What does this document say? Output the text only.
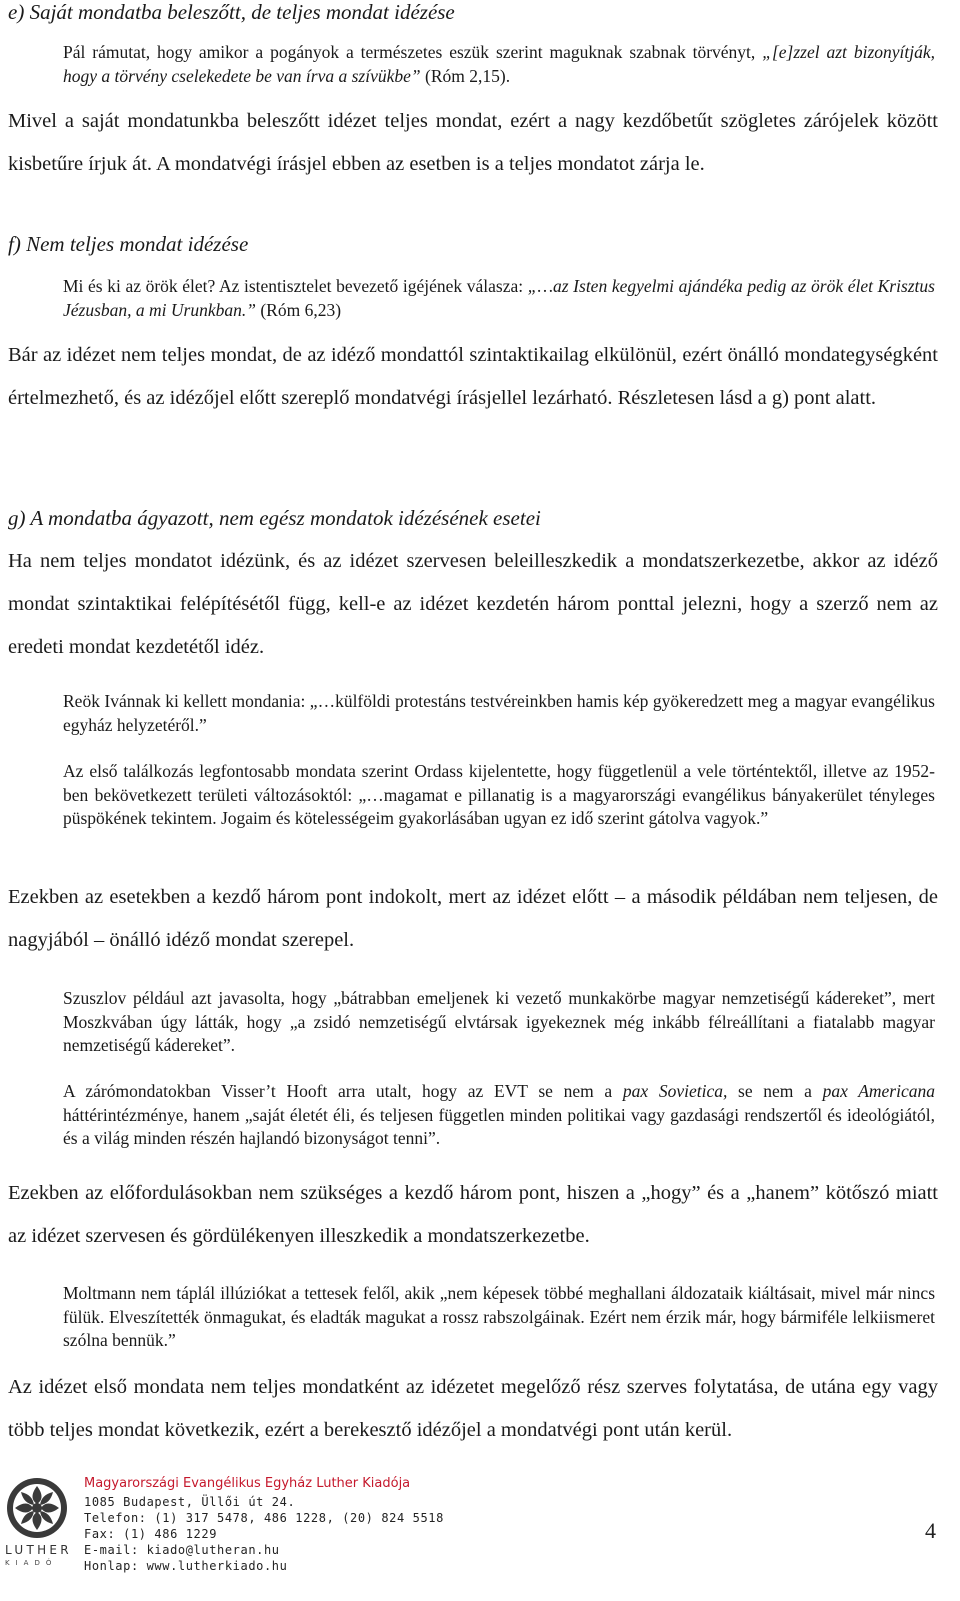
e) Saját mondatba beleszőtt, de teljes mondat idézése
Pál rámutat, hogy amikor a pogányok a természetes eszük szerint maguknak szabnak törvényt, „[e]zzel azt bizonyítják, hogy a törvény cselekedete be van írva a szívükbe” (Róm 2,15).
Mivel a saját mondatunkba beleszőtt idézet teljes mondat, ezért a nagy kezdőbetűt szögletes zárójelek között kisbetűre írjuk át. A mondatvégi írásjel ebben az esetben is a teljes mondatot zárja le.
f) Nem teljes mondat idézése
Mi és ki az örök élet? Az istentisztelet bevezető igéjének válasza: „…az Isten kegyelmi ajándéka pedig az örök élet Krisztus Jézusban, a mi Urunkban.” (Róm 6,23)
Bár az idézet nem teljes mondat, de az idéző mondattól szintaktikailag elkülönül, ezért önálló mondategységként értelmezhető, és az idézőjel előtt szereplő mondatvégi írásjellel lezárható. Részletesen lásd a g) pont alatt.
g) A mondatba ágyazott, nem egész mondatok idézésének esetei
Ha nem teljes mondatot idézünk, és az idézet szervesen beleilleszkedik a mondatszerkezetbe, akkor az idéző mondat szintaktikai felépítésétől függ, kell-e az idézet kezdetén három ponttal jelezni, hogy a szerző nem az eredeti mondat kezdetétől idéz.
Reök Ivánnak ki kellett mondania: „…külföldi protestáns testvéreinkben hamis kép gyökeredzett meg a magyar evangélikus egyház helyzetéről.”
Az első találkozás legfontosabb mondata szerint Ordass kijelentette, hogy függetlenül a vele történtektől, illetve az 1952-ben bekövetkezett területi változásoktól: „…magamat e pillanatig is a magyarországi evangélikus bányakerület tényleges püspökének tekintem. Jogaim és kötelességeim gyakorlásában ugyan ez idő szerint gátolva vagyok.”
Ezekben az esetekben a kezdő három pont indokolt, mert az idézet előtt – a második példában nem teljesen, de nagyjából – önálló idéző mondat szerepel.
Szuszlov például azt javasolta, hogy „bátrabban emeljenek ki vezető munkakörbe magyar nemzetiségű kádereket”, mert Moszkvában úgy látták, hogy „a zsidó nemzetiségű elvtársak igyekeznek még inkább félreállítani a fiatalabb magyar nemzetiségű kádereket”.
A zárómondatokban Visser’t Hooft arra utalt, hogy az EVT se nem a pax Sovietica, se nem a pax Americana háttérintézménye, hanem „saját életét éli, és teljesen független minden politikai vagy gazdasági rendszertől és ideológiától, és a világ minden részén hajlandó bizonyságot tenni”.
Ezekben az előfordulásokban nem szükséges a kezdő három pont, hiszen a „hogy” és a „hanem” kötőszó miatt az idézet szervesen és gördülékenyen illeszkedik a mondatszerkezetbe.
Moltmann nem táplál illúziókat a tettesek felől, akik „nem képesek többé meghallani áldozataik kiáltásait, mivel már nincs fülük. Elveszítették önmagukat, és eladták magukat a rossz rabszolgáinak. Ezért nem érzik már, hogy bármiféle lelkiismeret szólna bennük.”
Az idézet első mondata nem teljes mondatként az idézetet megelőző rész szerves folytatása, de utána egy vagy több teljes mondat következik, ezért a berekesztő idézőjel a mondatvégi pont után kerül.
LUTHER
KIADÓ
Magyarországi Evangélikus Egyház Luther Kiadója
1085 Budapest, Üllői út 24.
Telefon: (1) 317 5478, 486 1228, (20) 824 5518
Fax: (1) 486 1229
E-mail: kiado@lutheran.hu
Honlap: www.lutherkiado.hu
4
